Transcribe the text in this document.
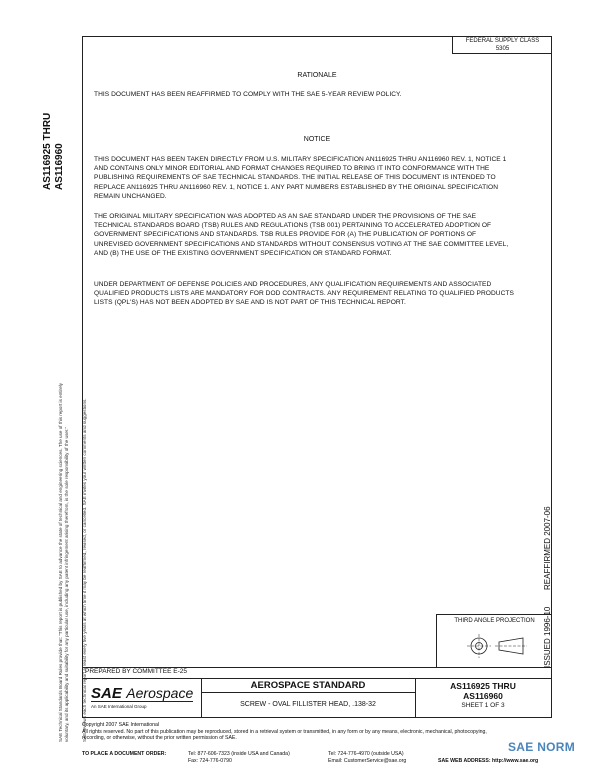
FEDERAL SUPPLY CLASS
5305
AS116925 THRU AS116960
SAE Technical Standards Board Rules provide that: "This report is published by SAE to advance the state of technical and engineering sciences. The use of this report is entirely voluntary, and its applicability and suitability for any particular use, including any patent infringement arising therefrom, is the sole responsibility of the user."	SAE reviews each technical report at least every five years at which time it may be reaffirmed, revised, or cancelled. SAE invites your written comments and suggestions.
RATIONALE
THIS DOCUMENT HAS BEEN REAFFIRMED TO COMPLY WITH THE SAE 5-YEAR REVIEW POLICY.
NOTICE
THIS DOCUMENT HAS BEEN TAKEN DIRECTLY FROM U.S. MILITARY SPECIFICATION AN116925 THRU AN116960 REV. 1, NOTICE 1 AND CONTAINS ONLY MINOR EDITORIAL AND FORMAT CHANGES REQUIRED TO BRING IT INTO CONFORMANCE WITH THE PUBLISHING REQUIREMENTS OF SAE TECHNICAL STANDARDS. THE INITIAL RELEASE OF THIS DOCUMENT IS INTENDED TO REPLACE AN116925 THRU AN116960 REV. 1, NOTICE 1. ANY PART NUMBERS ESTABLISHED BY THE ORIGINAL SPECIFICATION REMAIN UNCHANGED.
THE ORIGINAL MILITARY SPECIFICATION WAS ADOPTED AS AN SAE STANDARD UNDER THE PROVISIONS OF THE SAE TECHNICAL STANDARDS BOARD (TSB) RULES AND REGULATIONS (TSB 001) PERTAINING TO ACCELERATED ADOPTION OF GOVERNMENT SPECIFICATIONS AND STANDARDS. TSB RULES PROVIDE FOR (A) THE PUBLICATION OF PORTIONS OF UNREVISED GOVERNMENT SPECIFICATIONS AND STANDARDS WITHOUT CONSENSUS VOTING AT THE SAE COMMITTEE LEVEL, AND (B) THE USE OF THE EXISTING GOVERNMENT SPECIFICATION OR STANDARD FORMAT.
UNDER DEPARTMENT OF DEFENSE POLICIES AND PROCEDURES, ANY QUALIFICATION REQUIREMENTS AND ASSOCIATED QUALIFIED PRODUCTS LISTS ARE MANDATORY FOR DOD CONTRACTS. ANY REQUIREMENT RELATING TO QUALIFIED PRODUCTS LISTS (QPL'S) HAS NOT BEEN ADOPTED BY SAE AND IS NOT PART OF THIS TECHNICAL REPORT.
ISSUED 1996-10
REAFFIRMED 2007-06
THIRD ANGLE PROJECTION
PREPARED BY COMMITTEE E-25
SAE Aerospace
An SAE International Group
AEROSPACE STANDARD
SCREW - OVAL FILLISTER HEAD, .138-32
AS116925 THRU
AS116960
SHEET 1 OF 3
Copyright 2007 SAE International
All rights reserved. No part of this publication may be reproduced, stored in a retrieval system or transmitted, in any form or by any means, electronic, mechanical, photocopying,
recording, or otherwise, without the prior written permission of SAE.
TO PLACE A DOCUMENT ORDER:	Tel: 877-606-7323 (inside USA and Canada)
Fax: 724-776-0790
Tel: 724-776-4970 (outside USA)
Email: CustomerService@sae.org	SAE WEB ADDRESS: http://www.sae.org
SAE NORM
